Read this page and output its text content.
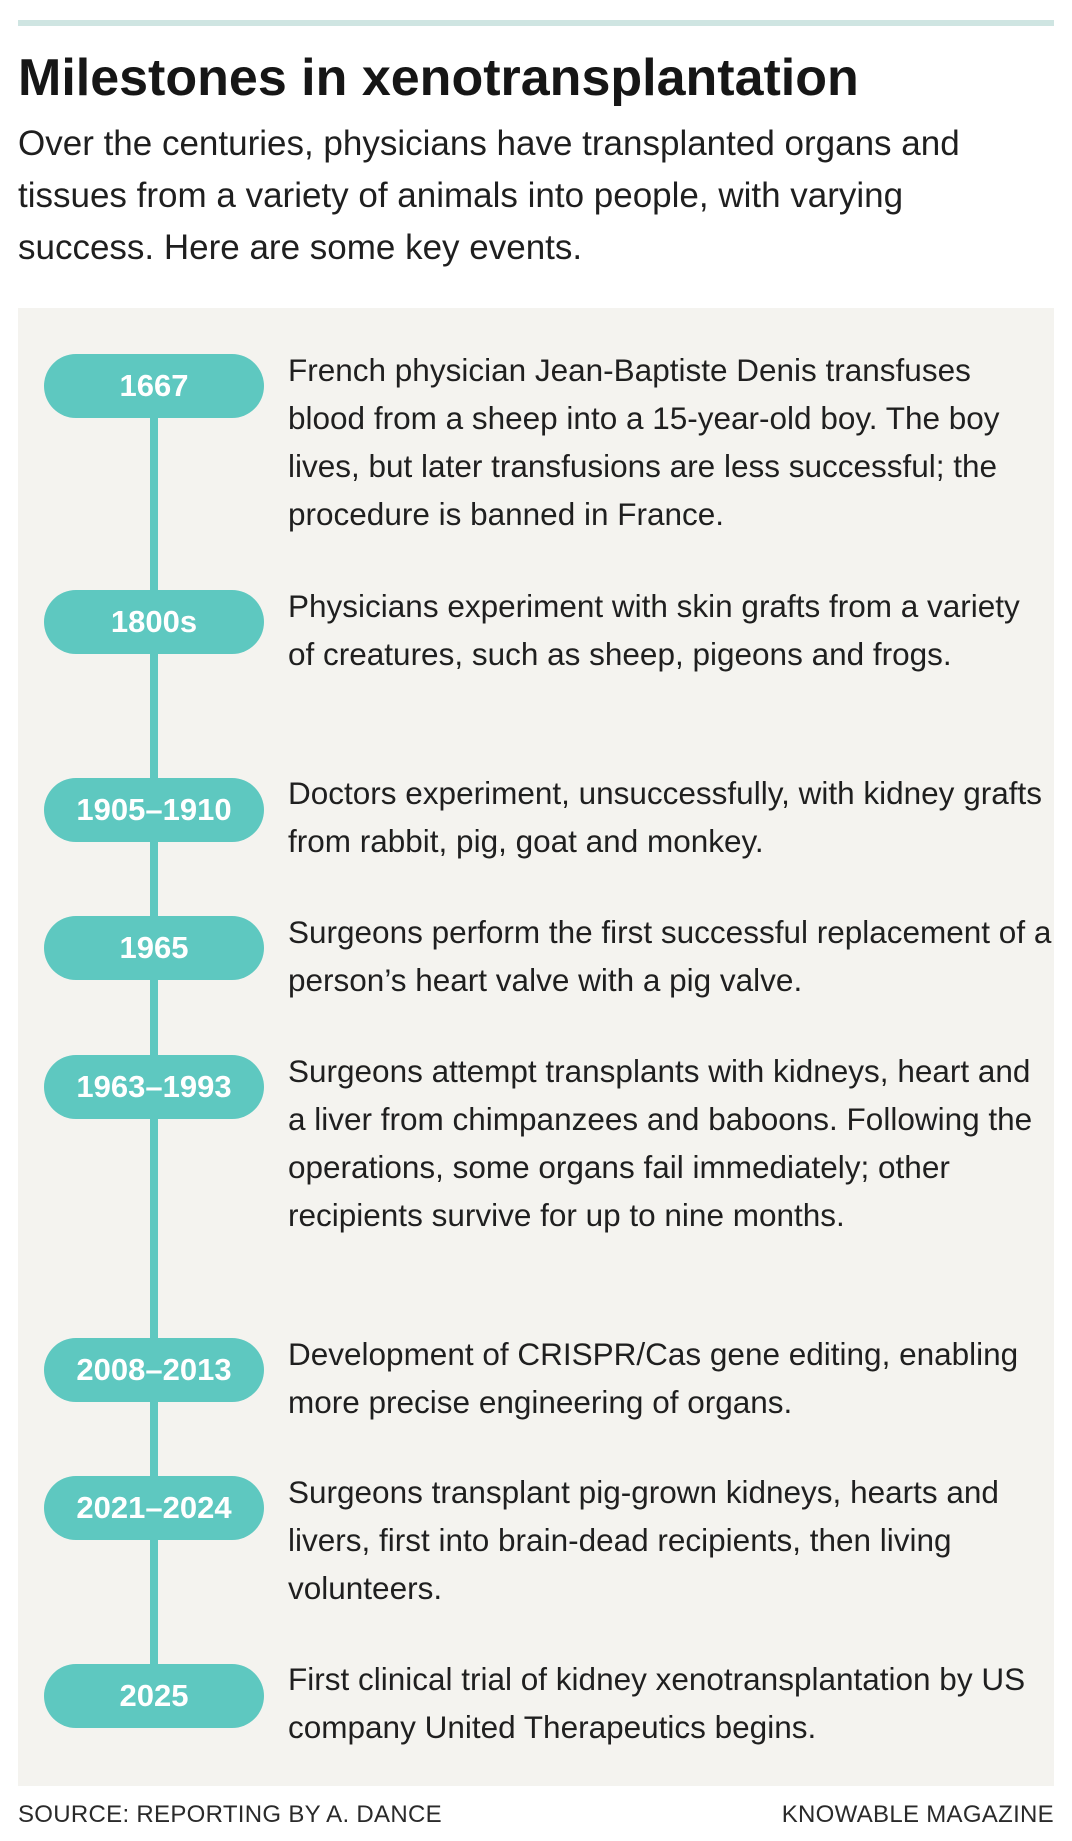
Milestones in xenotransplantation

Over the centuries, physicians have transplanted organs and tissues from a variety of animals into people, with varying success. Here are some key events.

1667	French physician Jean-Baptiste Denis transfuses blood from a sheep into a 15-year-old boy. The boy lives, but later transfusions are less successful; the procedure is banned in France.

1800s	Physicians experiment with skin grafts from a variety of creatures, such as sheep, pigeons and frogs.

1905–1910	Doctors experiment, unsuccessfully, with kidney grafts from rabbit, pig, goat and monkey.

1965	Surgeons perform the first successful replacement of a person’s heart valve with a pig valve.

1963–1993	Surgeons attempt transplants with kidneys, heart and a liver from chimpanzees and baboons. Following the operations, some organs fail immediately; other recipients survive for up to nine months.

2008–2013	Development of CRISPR/Cas gene editing, enabling more precise engineering of organs.

2021–2024	Surgeons transplant pig-grown kidneys, hearts and livers, first into brain-dead recipients, then living volunteers.

2025	First clinical trial of kidney xenotransplantation by US company United Therapeutics begins.

SOURCE: REPORTING BY A. DANCE	KNOWABLE MAGAZINE
